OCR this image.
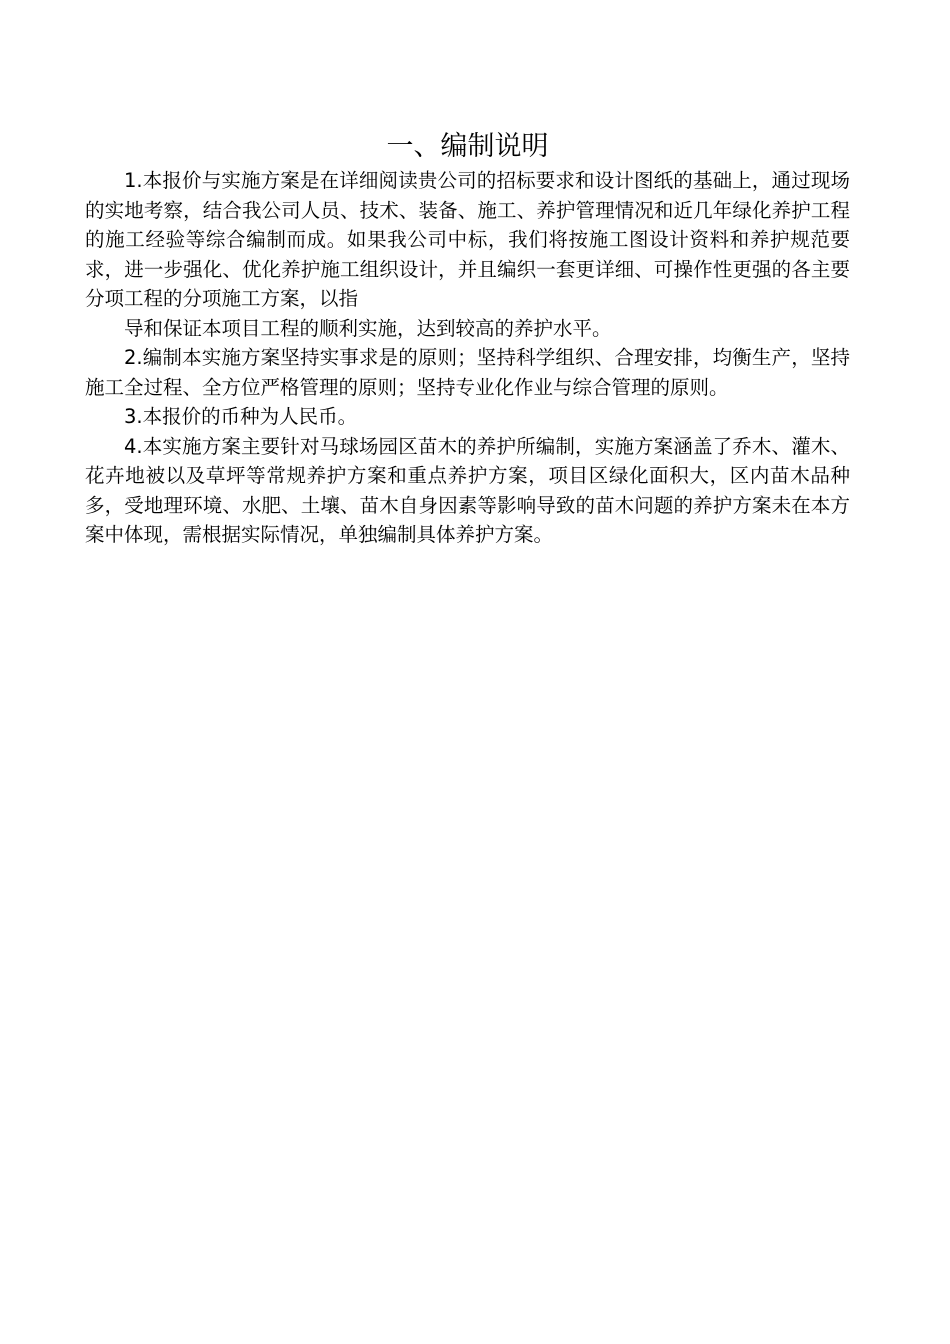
一、编制说明

1.本报价与实施方案是在详细阅读贵公司的招标要求和设计图纸的基础上，通过现场的实地考察，结合我公司人员、技术、装备、施工、养护管理情况和近几年绿化养护工程的施工经验等综合编制而成。如果我公司中标，我们将按施工图设计资料和养护规范要求，进一步强化、优化养护施工组织设计，并且编织一套更详细、可操作性更强的各主要分项工程的分项施工方案，以指

导和保证本项目工程的顺利实施，达到较高的养护水平。

2.编制本实施方案坚持实事求是的原则；坚持科学组织、合理安排，均衡生产，坚持施工全过程、全方位严格管理的原则；坚持专业化作业与综合管理的原则。

3.本报价的币种为人民币。

4.本实施方案主要针对马球场园区苗木的养护所编制，实施方案涵盖了乔木、灌木、花卉地被以及草坪等常规养护方案和重点养护方案，项目区绿化面积大，区内苗木品种多，受地理环境、水肥、土壤、苗木自身因素等影响导致的苗木问题的养护方案未在本方案中体现，需根据实际情况，单独编制具体养护方案。
